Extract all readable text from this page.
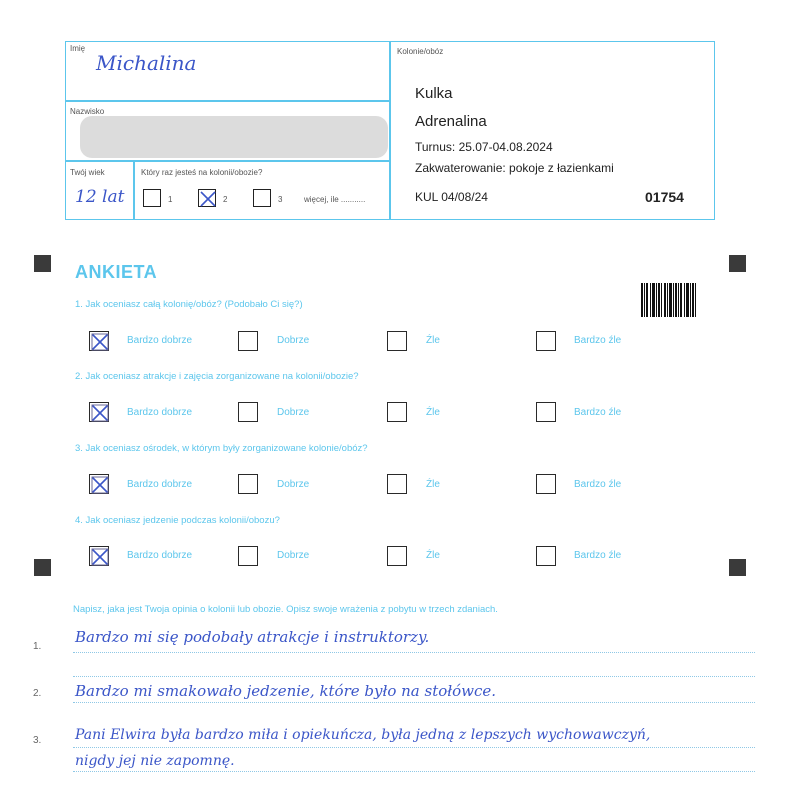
Imię
Michalina
Nazwisko
Twój wiek
12 lat
Który raz jesteś na kolonii/obozie?
1	2	3	więcej, ile ...........
Kolonie/obóz
Kulka
Adrenalina
Turnus: 25.07-04.08.2024
Zakwaterowanie: pokoje z łazienkami
KUL 04/08/24	01754
ANKIETA
1. Jak oceniasz całą kolonię/obóz? (Podobało Ci się?)
Bardzo dobrze	Dobrze	Źle	Bardzo źle
2. Jak oceniasz atrakcje i zajęcia zorganizowane na kolonii/obozie?
Bardzo dobrze	Dobrze	Źle	Bardzo źle
3. Jak oceniasz ośrodek, w którym były zorganizowane kolonie/obóz?
Bardzo dobrze	Dobrze	Źle	Bardzo źle
4. Jak oceniasz jedzenie podczas kolonii/obozu?
Bardzo dobrze	Dobrze	Źle	Bardzo źle
Napisz, jaka jest Twoja opinia o kolonii lub obozie. Opisz swoje wrażenia z pobytu w trzech zdaniach.
1.
Bardzo mi się podobały atrakcje i instruktorzy.
2. Bardzo mi smakowało jedzenie, które było na stołówce.
3. Pani Elwira była bardzo miła i opiekuńcza, była jedną z lepszych wychowawczyń,
nigdy jej nie zapomnę.
